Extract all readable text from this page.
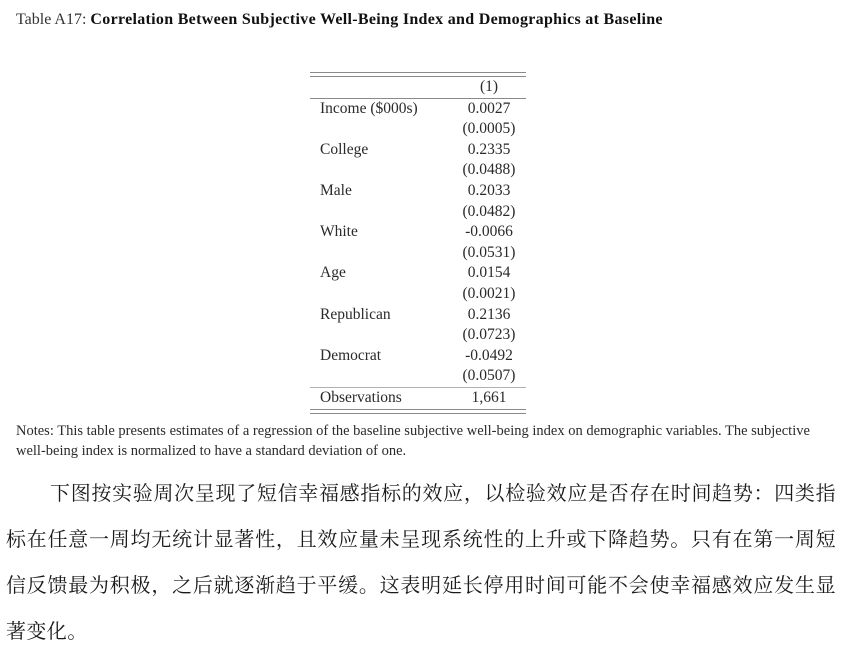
Table A17: Correlation Between Subjective Well-Being Index and Demographics at Baseline
	(1)
Income ($000s)	0.0027
	(0.0005)
College	0.2335
	(0.0488)
Male	0.2033
	(0.0482)
White	-0.0066
	(0.0531)
Age	0.0154
	(0.0021)
Republican	0.2136
	(0.0723)
Democrat	-0.0492
	(0.0507)
Observations	1,661
Notes: This table presents estimates of a regression of the baseline subjective well-being index on demographic variables. The subjective well-being index is normalized to have a standard deviation of one.
下图按实验周次呈现了短信幸福感指标的效应，以检验效应是否存在时间趋势：四类指标在任意一周均无统计显著性，且效应量未呈现系统性的上升或下降趋势。只有在第一周短信反馈最为积极，之后就逐渐趋于平缓。这表明延长停用时间可能不会使幸福感效应发生显著变化。
